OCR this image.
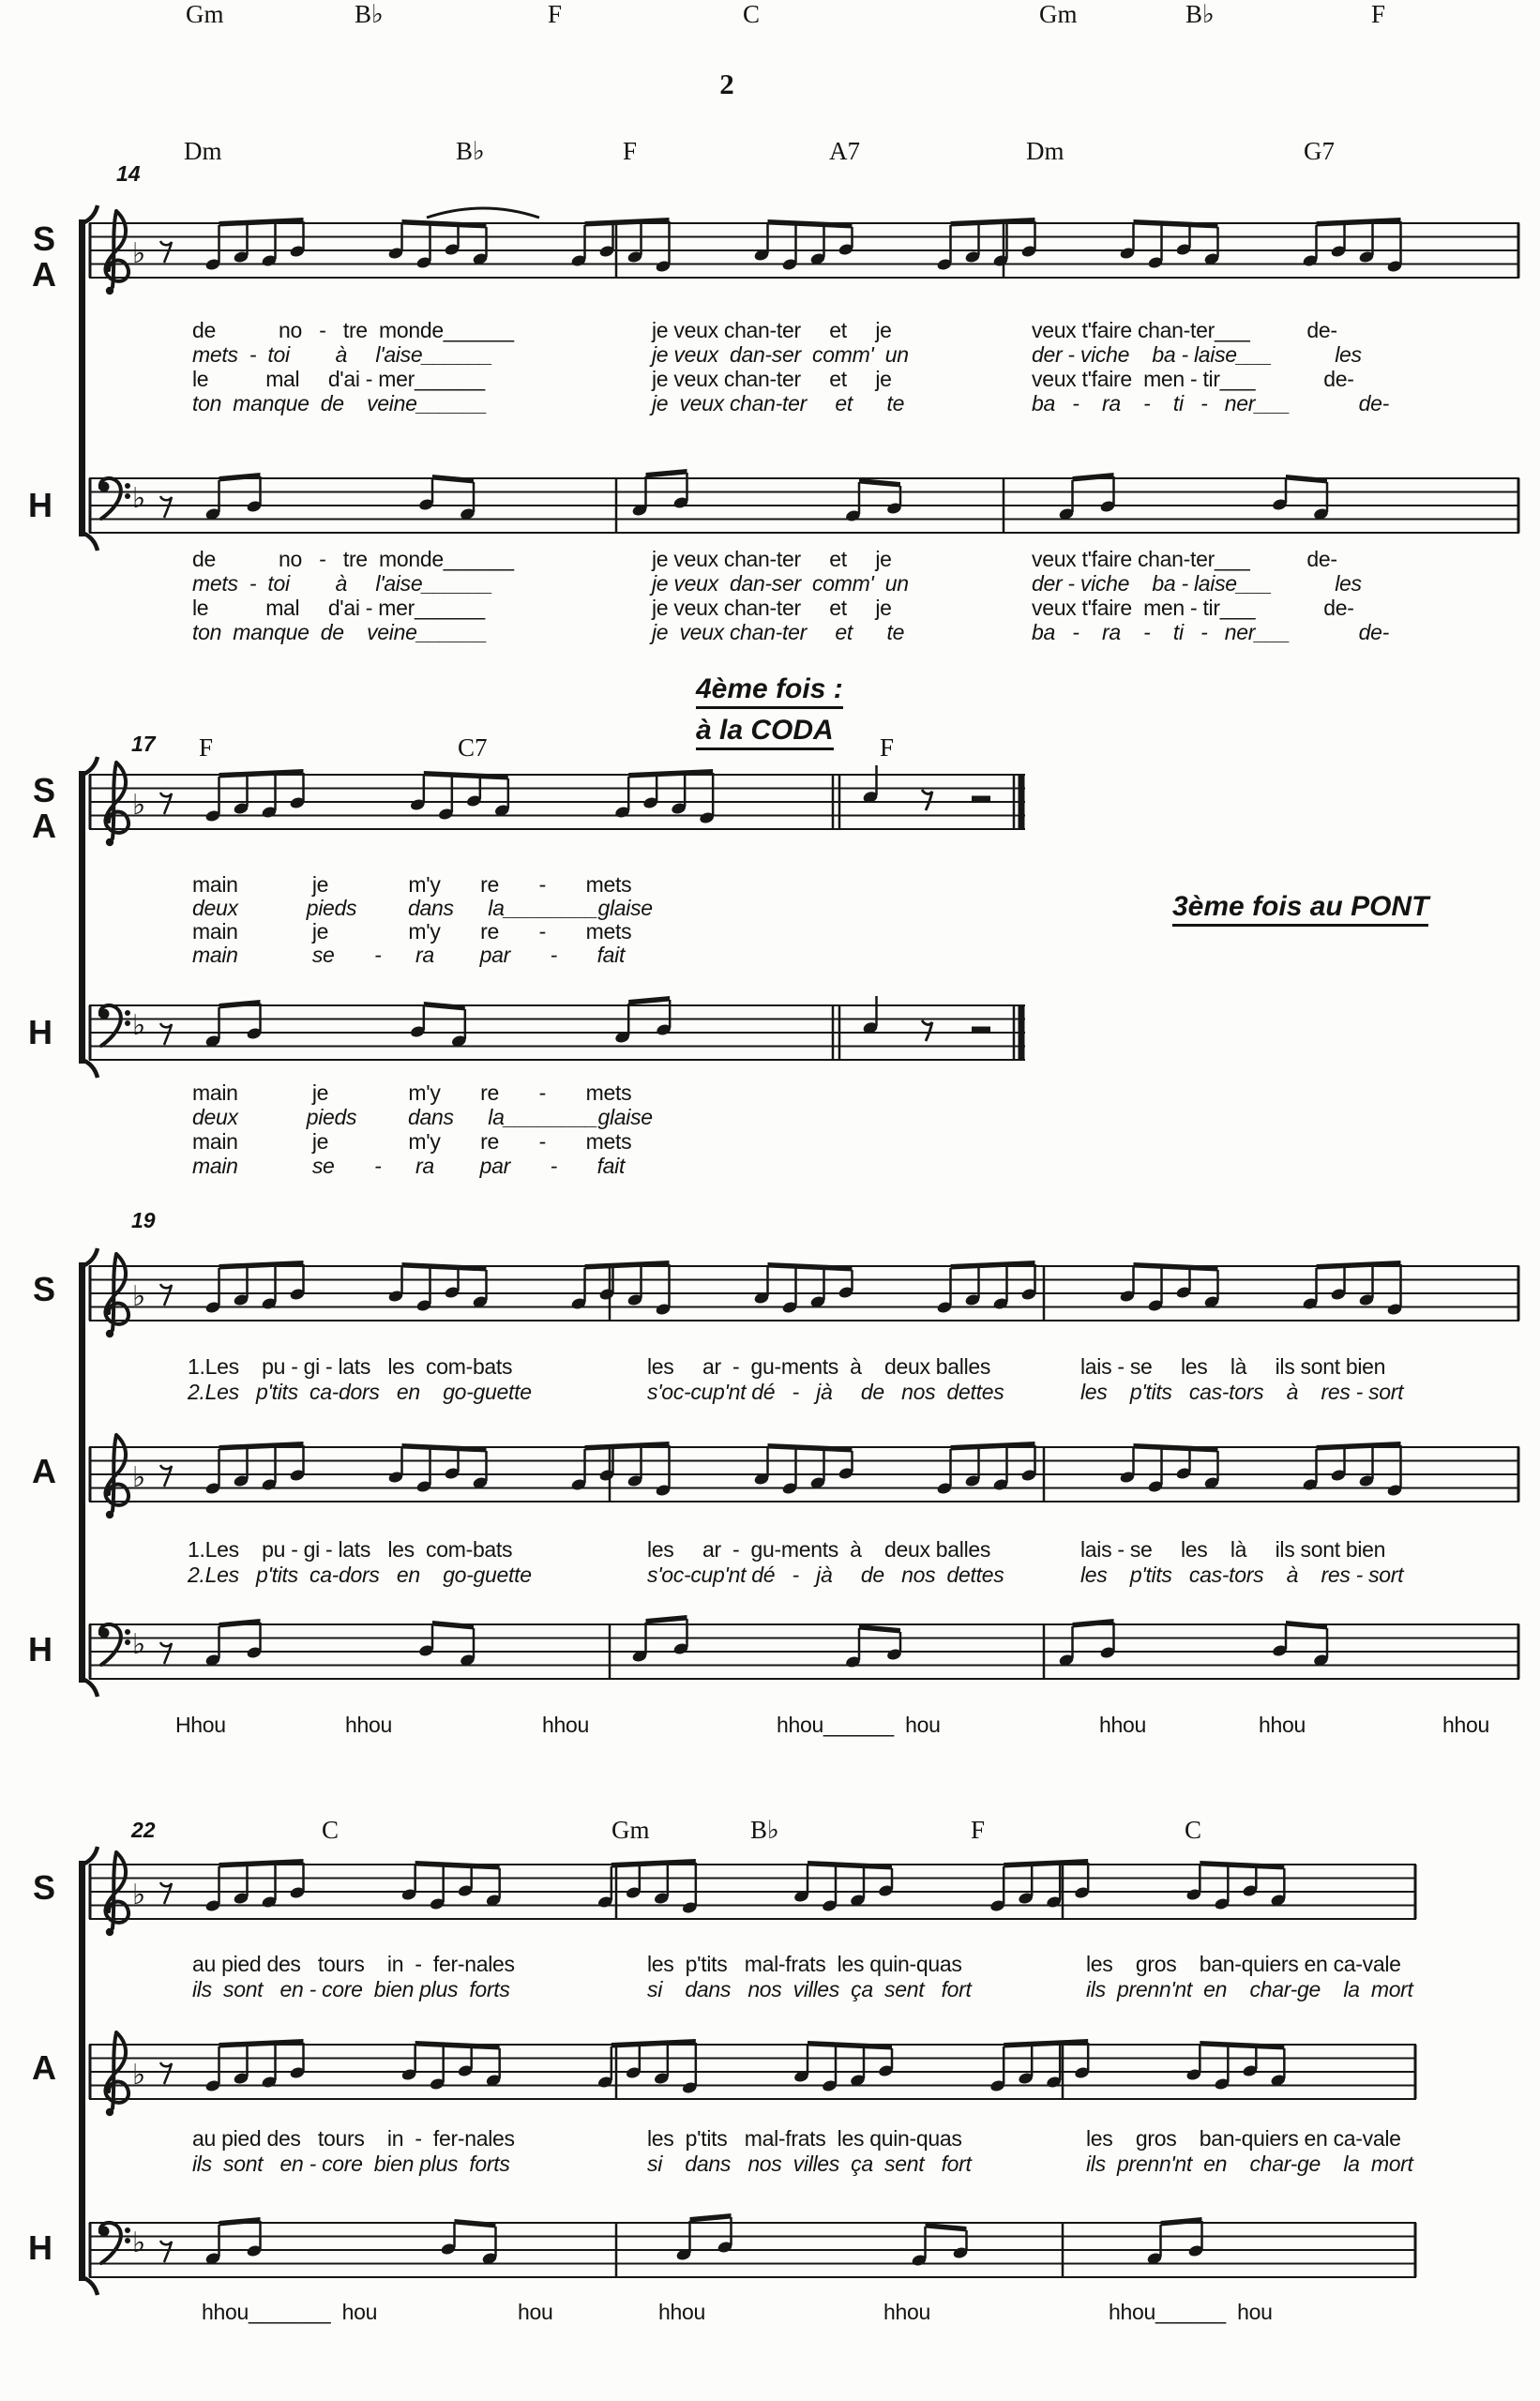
♭
♭
♭
♭
♭
♭
♭
♭
♭
♭
2
14
Dm	B♭	F	A7	Dm	G7
S
A
de           no   -   tre  monde______	je veux chan-ter     et     je	veux t'faire chan-ter___          de-
mets  -  toi        à     l'aise______	je veux  dan-ser  comm'  un	der - viche    ba - laise___           les
le          mal     d'ai - mer______	je veux chan-ter     et     je	veux t'faire  men - tir___            de-
ton  manque  de    veine______	je  veux chan-ter     et      te	ba   -    ra    -    ti   -   ner___            de-
H
de           no   -   tre  monde______	je veux chan-ter     et     je	veux t'faire chan-ter___          de-
mets  -  toi        à     l'aise______	je veux  dan-ser  comm'  un	der - viche    ba - laise___           les
le          mal     d'ai - mer______	je veux chan-ter     et     je	veux t'faire  men - tir___            de-
ton  manque  de    veine______	je  veux chan-ter     et      te	ba   -    ra    -    ti   -   ner___            de-
4ème fois :
à la CODA
17 F	C7	F
S
A
main             je              m'y       re       -       mets
deux            pieds         dans      la________glaise
main             je              m'y       re       -       mets
main             se       -      ra        par       -       fait
3ème fois au PONT
H
main             je              m'y       re       -       mets
deux            pieds         dans      la________glaise
main             je              m'y       re       -       mets
main             se       -      ra        par       -       fait
19
Gm	B♭	F	C	Gm	B♭	F
S
1.Les    pu - gi - lats   les  com-bats	les     ar  -  gu-ments  à    deux balles	lais - se     les    là     ils sont bien
2.Les   p'tits  ca-dors   en    go-guette	s'oc-cup'nt dé   -   jà     de   nos  dettes	les    p'tits   cas-tors    à    res - sort
A
1.Les    pu - gi - lats   les  com-bats	les     ar  -  gu-ments  à    deux balles	lais - se     les    là     ils sont bien
2.Les   p'tits  ca-dors   en    go-guette	s'oc-cup'nt dé   -   jà     de   nos  dettes	les    p'tits   cas-tors    à    res - sort
H
Hhou	hhou	hhou	hhou______  hou	hhou	hhou	hhou
22	C	Gm	B♭	F	C
S
au pied des   tours    in  -  fer-nales	les  p'tits   mal-frats  les quin-quas	les    gros    ban-quiers en ca-vale
ils  sont   en - core  bien plus  forts	si    dans   nos  villes  ça  sent   fort	ils  prenn'nt  en    char-ge    la  mort
A
au pied des   tours    in  -  fer-nales	les  p'tits   mal-frats  les quin-quas	les    gros    ban-quiers en ca-vale
ils  sont   en - core  bien plus  forts	si    dans   nos  villes  ça  sent   fort	ils  prenn'nt  en    char-ge    la  mort
H
hhou_______  hou	hou	hhou	hhou	hhou______  hou
